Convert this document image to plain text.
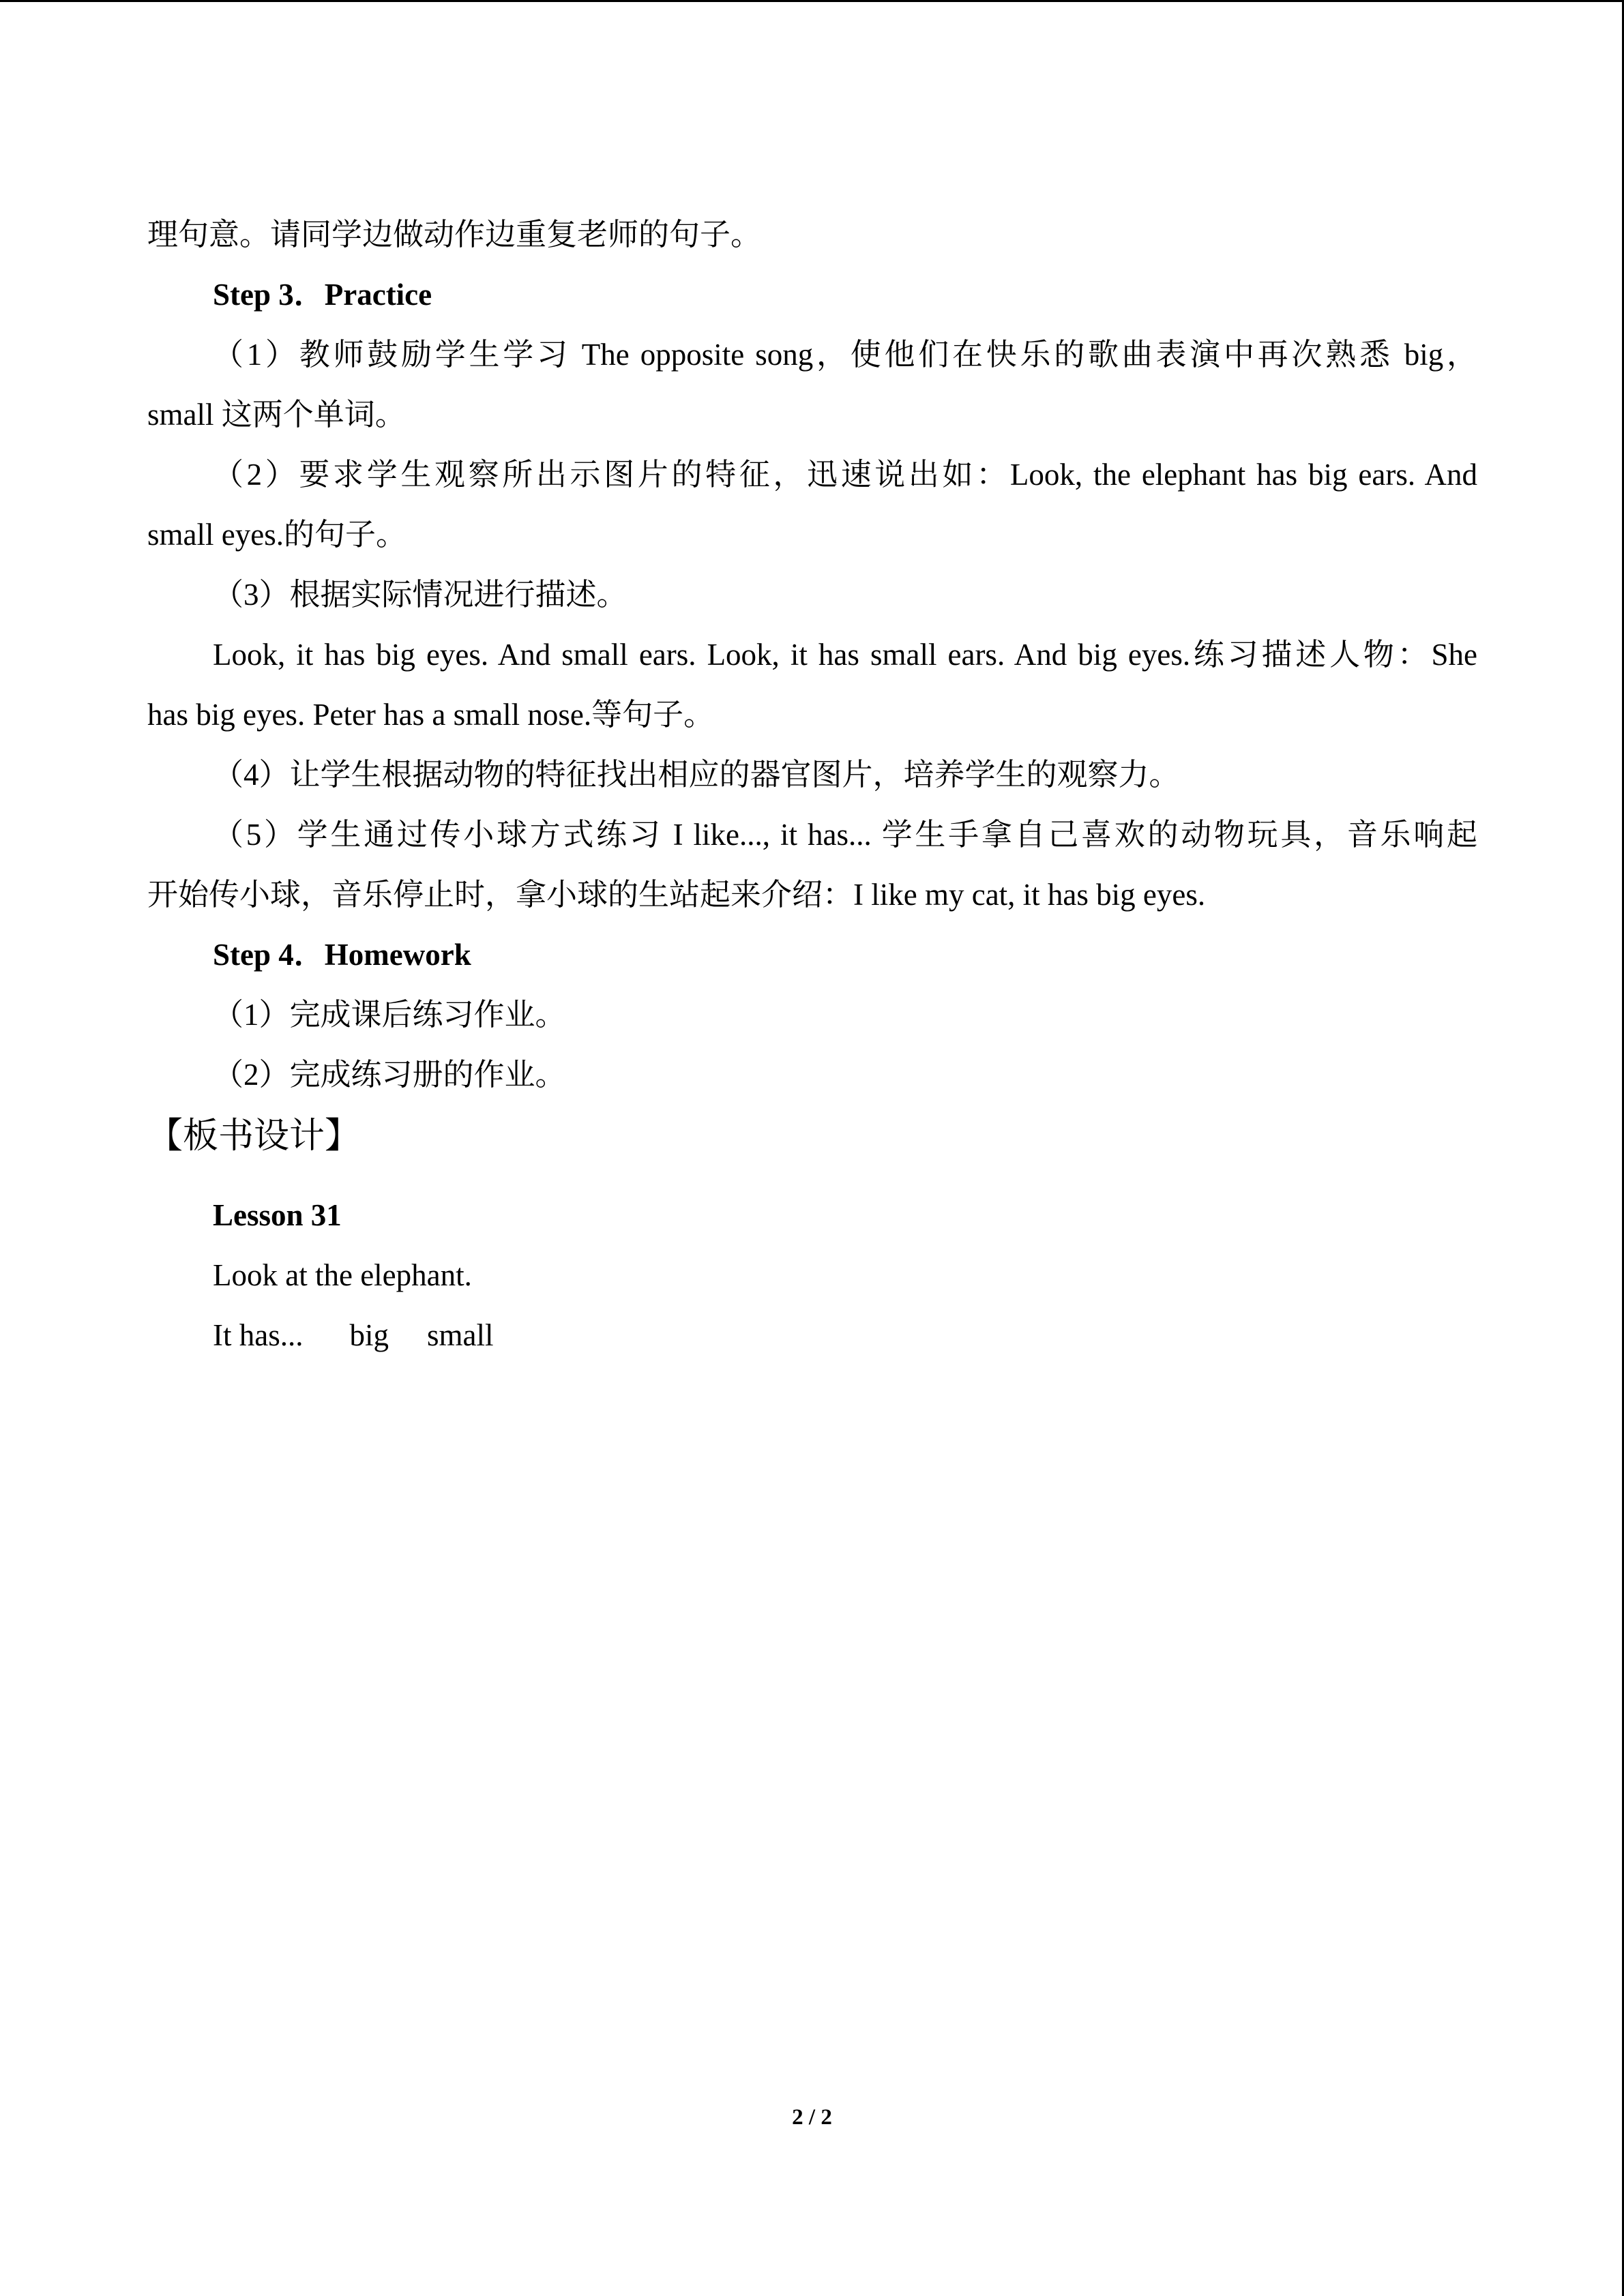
理句意。请同学边做动作边重复老师的句子。

Step 3．Practice

（1）教师鼓励学生学习 The opposite song，使他们在快乐的歌曲表演中再次熟悉 big，

small 这两个单词。

（2）要求学生观察所出示图片的特征，迅速说出如：Look, the elephant has big ears. And

small eyes.的句子。

（3）根据实际情况进行描述。

Look, it has big eyes. And small ears. Look, it has small ears. And big eyes.练习描述人物：She

has big eyes. Peter has a small nose.等句子。

（4）让学生根据动物的特征找出相应的器官图片，培养学生的观察力。

（5）学生通过传小球方式练习 I like..., it has... 学生手拿自己喜欢的动物玩具，音乐响起

开始传小球，音乐停止时，拿小球的生站起来介绍：I like my cat, it has big eyes.

Step 4．Homework

（1）完成课后练习作业。

（2）完成练习册的作业。

【板书设计】

Lesson 31

Look at the elephant.

It has... big small

2 / 2
